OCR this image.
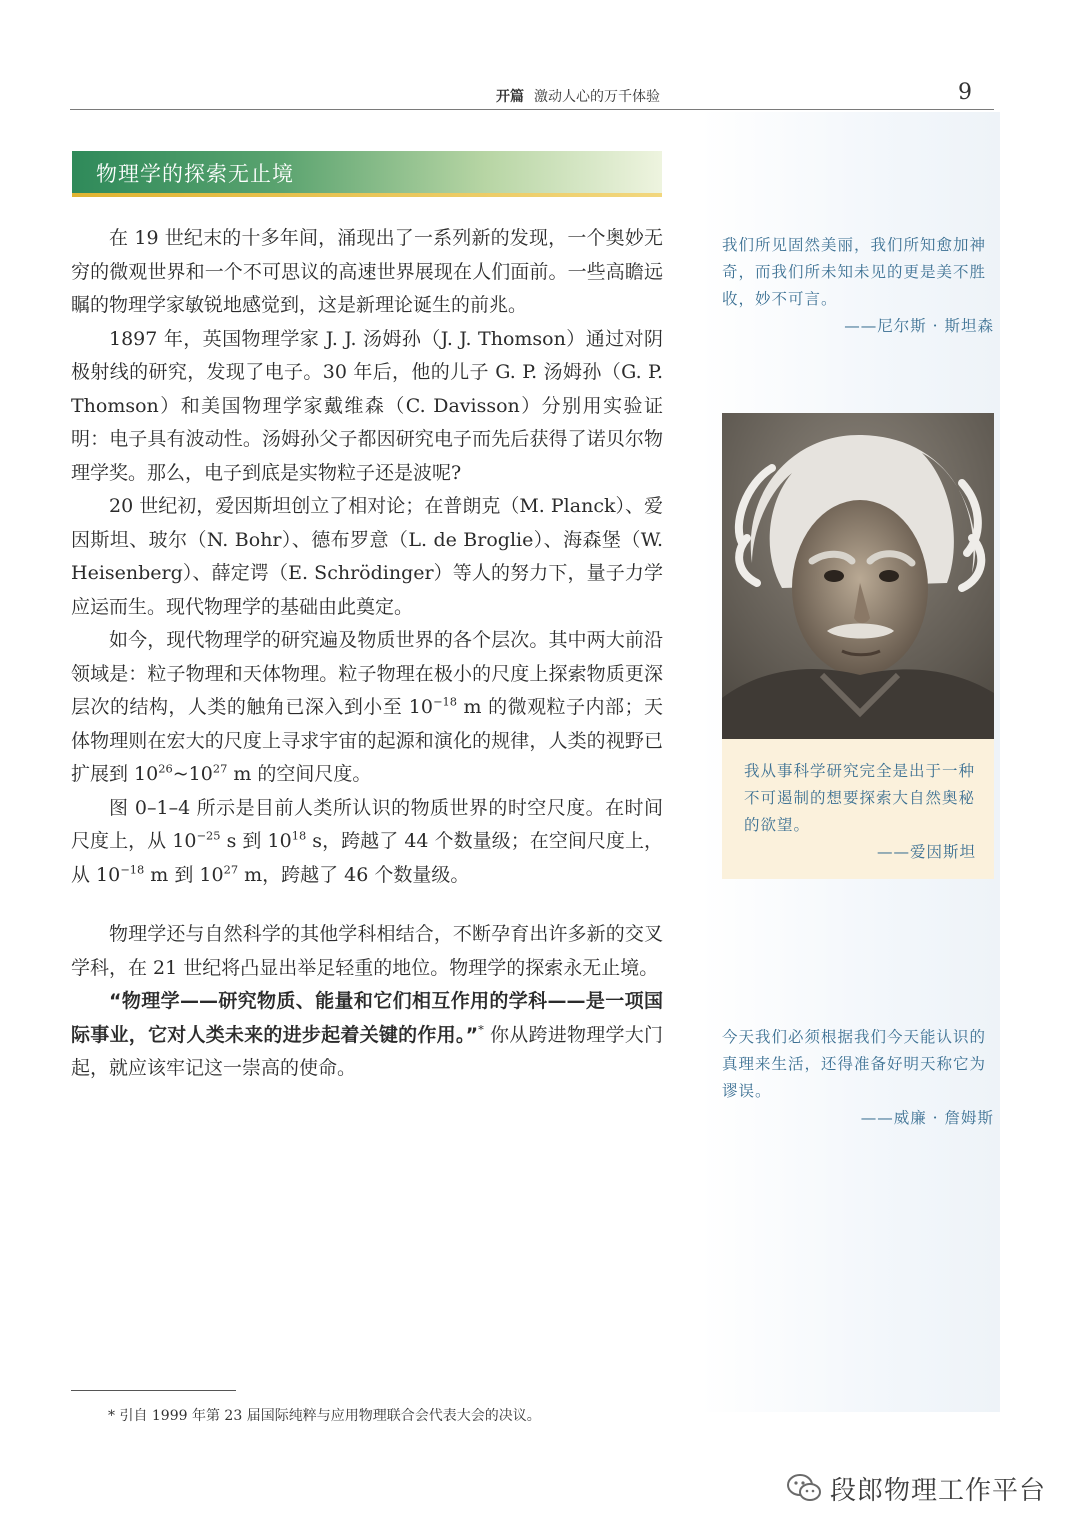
开篇 激动人心的万千体验	9
物理学的探索无止境

在 19 世纪末的十多年间，涌现出了一系列新的发现，一个奥妙无穷的微观世界和一个不可思议的高速世界展现在人们面前。一些高瞻远瞩的物理学家敏锐地感觉到，这是新理论诞生的前兆。

1897 年，英国物理学家 J. J. 汤姆孙（J. J. Thomson）通过对阴极射线的研究，发现了电子。30 年后，他的儿子 G. P. 汤姆孙（G. P. Thomson）和美国物理学家戴维森（C. Davisson）分别用实验证明：电子具有波动性。汤姆孙父子都因研究电子而先后获得了诺贝尔物理学奖。那么，电子到底是实物粒子还是波呢?

20 世纪初，爱因斯坦创立了相对论；在普朗克（M. Planck）、爱因斯坦、玻尔（N. Bohr）、德布罗意（L. de Broglie）、海森堡（W. Heisenberg）、薛定谔（E. Schrödinger）等人的努力下，量子力学应运而生。现代物理学的基础由此奠定。

如今，现代物理学的研究遍及物质世界的各个层次。其中两大前沿领域是：粒子物理和天体物理。粒子物理在极小的尺度上探索物质更深层次的结构，人类的触角已深入到小至 $10^{-18}$ m 的微观粒子内部；天体物理则在宏大的尺度上寻求宇宙的起源和演化的规律，人类的视野已扩展到 $10^{26}\sim 10^{27}$ m 的空间尺度。

图 0–1–4 所示是目前人类所认识的物质世界的时空尺度。在时间尺度上，从 $10^{-25}$ s 到 $10^{18}$ s，跨越了 44 个数量级；在空间尺度上，从 $10^{-18}$ m 到 $10^{27}$ m，跨越了 46 个数量级。

物理学还与自然科学的其他学科相结合，不断孕育出许多新的交叉学科，在 21 世纪将凸显出举足轻重的地位。物理学的探索永无止境。

“物理学——研究物质、能量和它们相互作用的学科——是一项国际事业，它对人类未来的进步起着关键的作用。”* 你从跨进物理学大门起，就应该牢记这一崇高的使命。

我们所见固然美丽，我们所知愈加神奇，而我们所未知未见的更是美不胜收，妙不可言。
——尼尔斯 · 斯坦森
我从事科学研究完全是出于一种不可遏制的想要探索大自然奥秘的欲望。
——爱因斯坦
今天我们必须根据我们今天能认识的真理来生活，还得准备好明天称它为谬误。
——威廉 · 詹姆斯
* 引自 1999 年第 23 届国际纯粹与应用物理联合会代表大会的决议。
段郎物理工作平台
